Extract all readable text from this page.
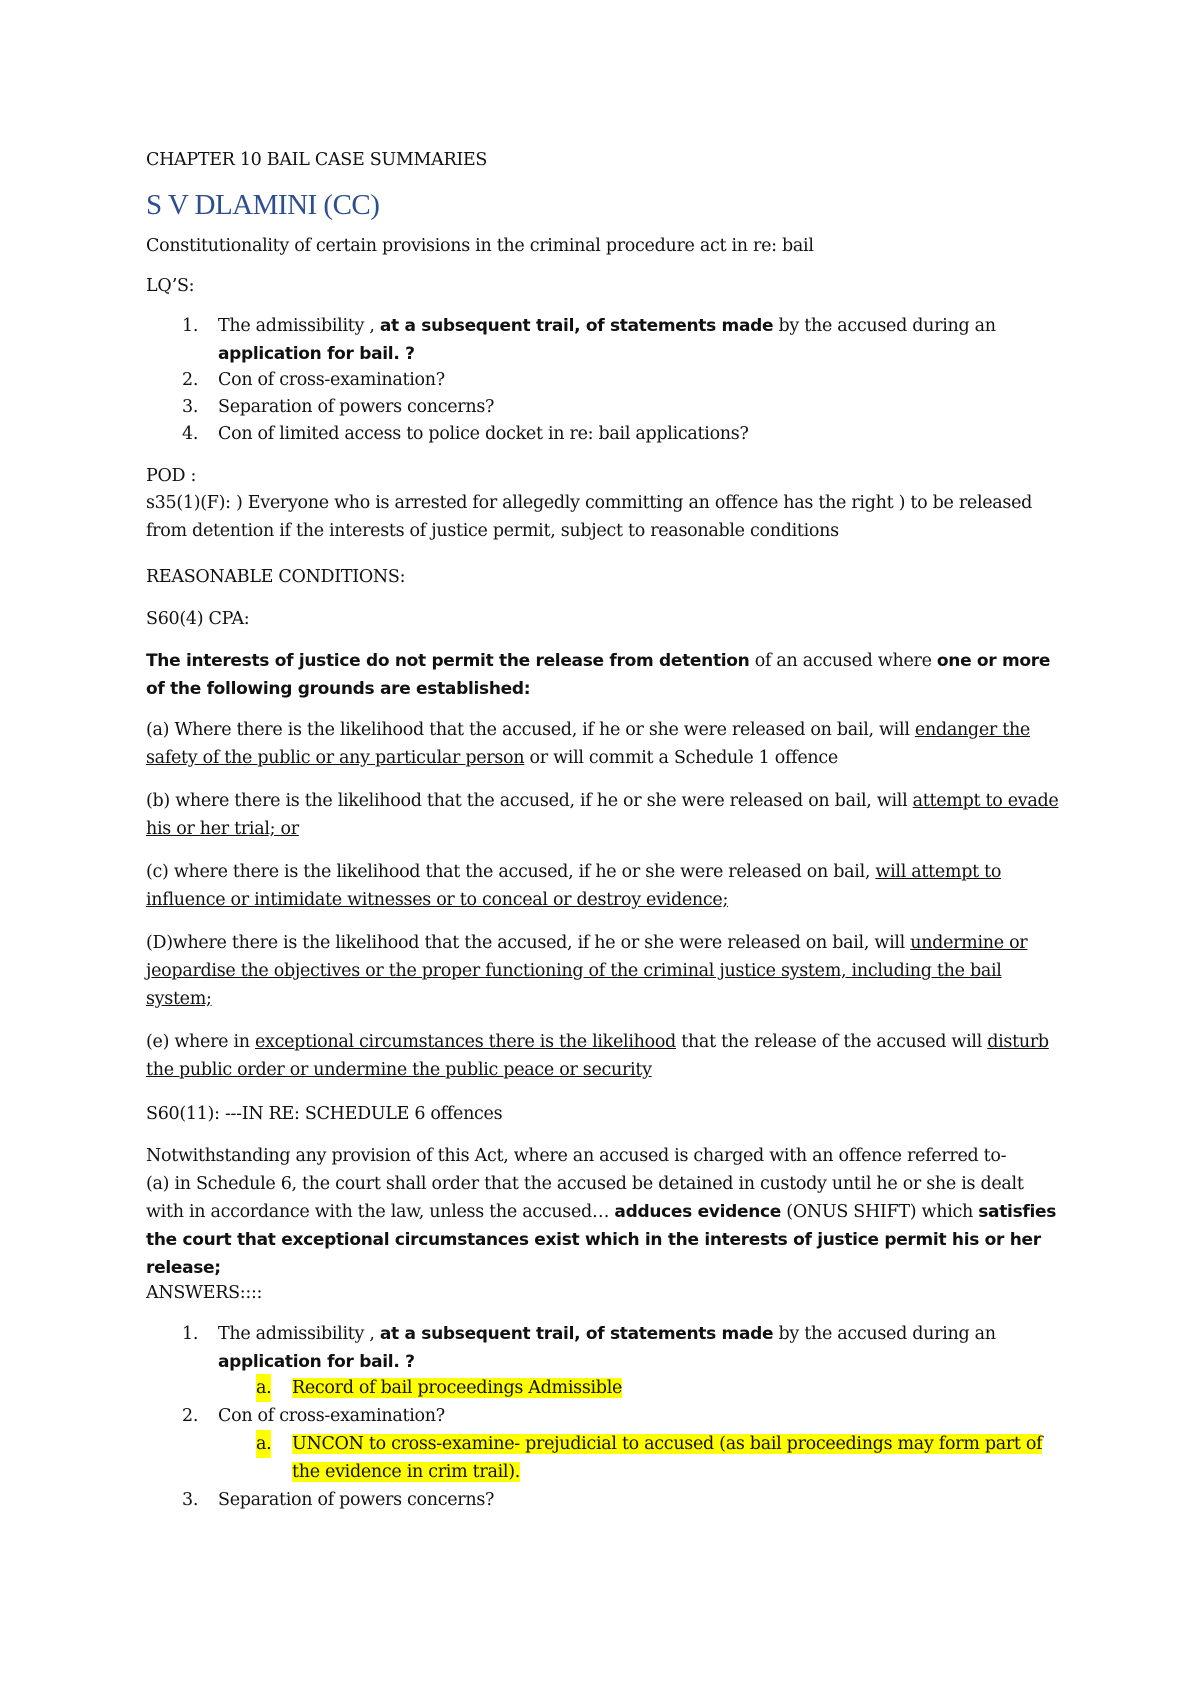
CHAPTER 10 BAIL CASE SUMMARIES

S V DLAMINI (CC)

Constitutionality of certain provisions in the criminal procedure act in re: bail

LQ’S:

1. The admissibility , at a subsequent trail, of statements made by the accused during an application for bail. ?
2. Con of cross-examination?
3. Separation of powers concerns?
4. Con of limited access to police docket in re: bail applications?

POD :

s35(1)(F): ) Everyone who is arrested for allegedly committing an offence has the right ) to be released from detention if the interests of justice permit, subject to reasonable conditions

REASONABLE CONDITIONS:

S60(4) CPA:

The interests of justice do not permit the release from detention of an accused where one or more of the following grounds are established:

(a) Where there is the likelihood that the accused, if he or she were released on bail, will endanger the safety of the public or any particular person or will commit a Schedule 1 offence

(b) where there is the likelihood that the accused, if he or she were released on bail, will attempt to evade his or her trial; or

(c) where there is the likelihood that the accused, if he or she were released on bail, will attempt to influence or intimidate witnesses or to conceal or destroy evidence;

(D)where there is the likelihood that the accused, if he or she were released on bail, will undermine or jeopardise the objectives or the proper functioning of the criminal justice system, including the bail system;

(e) where in exceptional circumstances there is the likelihood that the release of the accused will disturb the public order or undermine the public peace or security

S60(11): ---IN RE: SCHEDULE 6 offences

Notwithstanding any provision of this Act, where an accused is charged with an offence referred to-
(a) in Schedule 6, the court shall order that the accused be detained in custody until he or she is dealt with in accordance with the law, unless the accused… adduces evidence (ONUS SHIFT) which satisfies the court that exceptional circumstances exist which in the interests of justice permit his or her release;

ANSWERS::::

1. The admissibility , at a subsequent trail, of statements made by the accused during an application for bail. ?
a. Record of bail proceedings Admissible
2. Con of cross-examination?
a. UNCON to cross-examine- prejudicial to accused (as bail proceedings may form part of the evidence in crim trail).
3. Separation of powers concerns?
